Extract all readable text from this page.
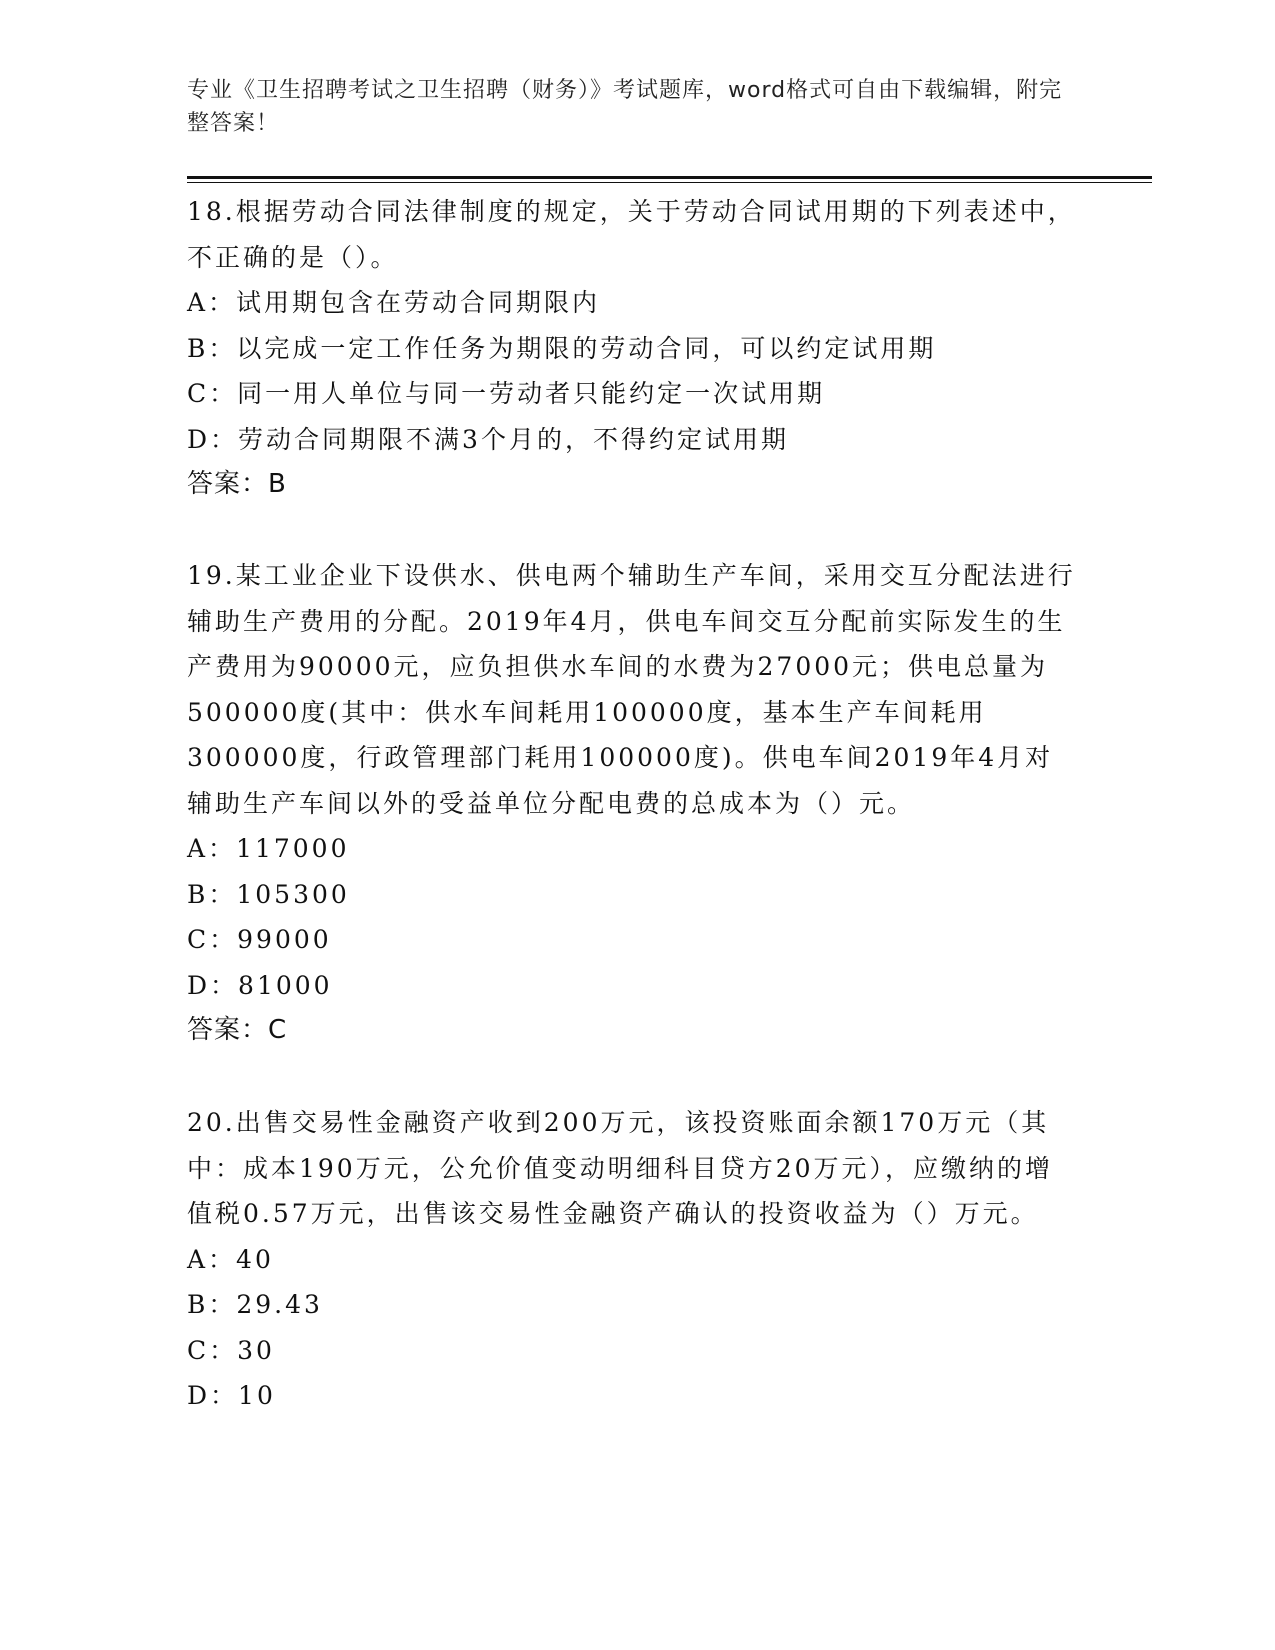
专业《卫生招聘考试之卫生招聘（财务）》考试题库，word格式可自由下载编辑，附完整答案！

18.根据劳动合同法律制度的规定，关于劳动合同试用期的下列表述中，不正确的是（）。

A：试用期包含在劳动合同期限内

B：以完成一定工作任务为期限的劳动合同，可以约定试用期

C：同一用人单位与同一劳动者只能约定一次试用期

D：劳动合同期限不满3个月的，不得约定试用期

答案：B

19.某工业企业下设供水、供电两个辅助生产车间，采用交互分配法进行辅助生产费用的分配。2019年4月，供电车间交互分配前实际发生的生产费用为90000元，应负担供水车间的水费为27000元；供电总量为500000度(其中：供水车间耗用100000度，基本生产车间耗用300000度，行政管理部门耗用100000度)。供电车间2019年4月对辅助生产车间以外的受益单位分配电费的总成本为（）元。

A：117000

B：105300

C：99000

D：81000

答案：C

20.出售交易性金融资产收到200万元，该投资账面余额170万元（其中：成本190万元，公允价值变动明细科目贷方20万元），应缴纳的增值税0.57万元，出售该交易性金融资产确认的投资收益为（）万元。

A：40

B：29.43

C：30

D：10
